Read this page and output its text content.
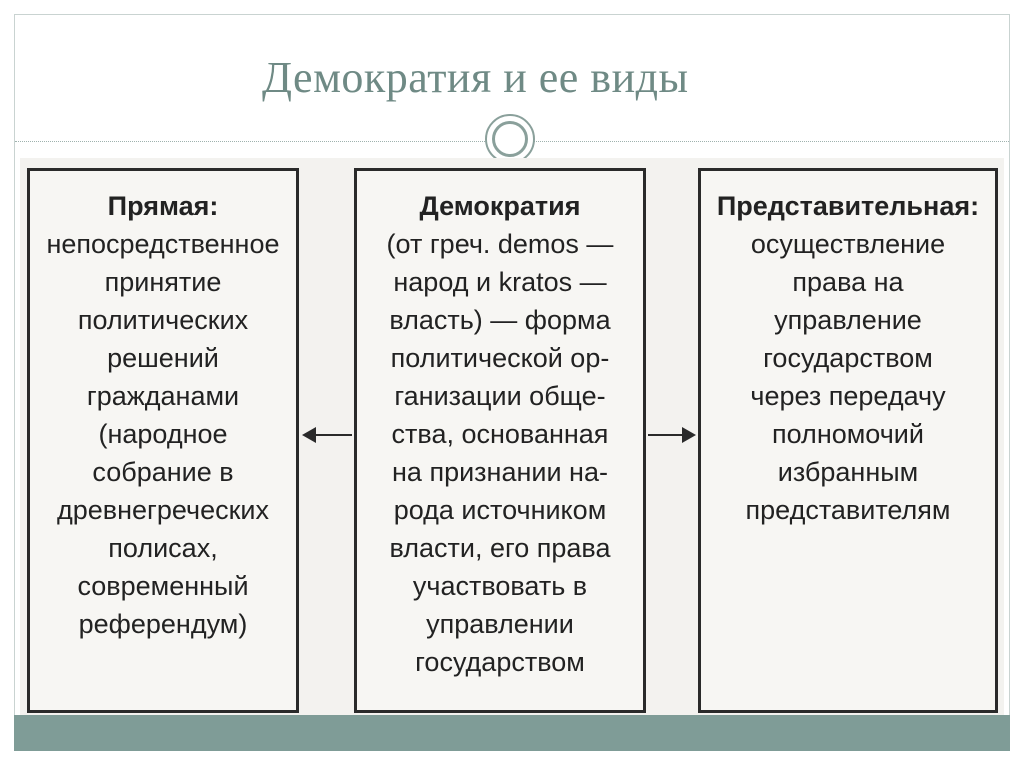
Демократия и ее виды
Прямая:
непосредственное
принятие
политических
решений
гражданами
(народное
собрание в
древнегреческих
полисах,
современный
референдум)
Демократия
(от греч. demos —
народ и kratos —
власть) — форма
политической ор-
ганизации обще-
ства, основанная
на признании на-
рода источником
власти, его права
участвовать в
управлении
государством
Представительная:
осуществление
права на
управление
государством
через передачу
полномочий
избранным
представителям
